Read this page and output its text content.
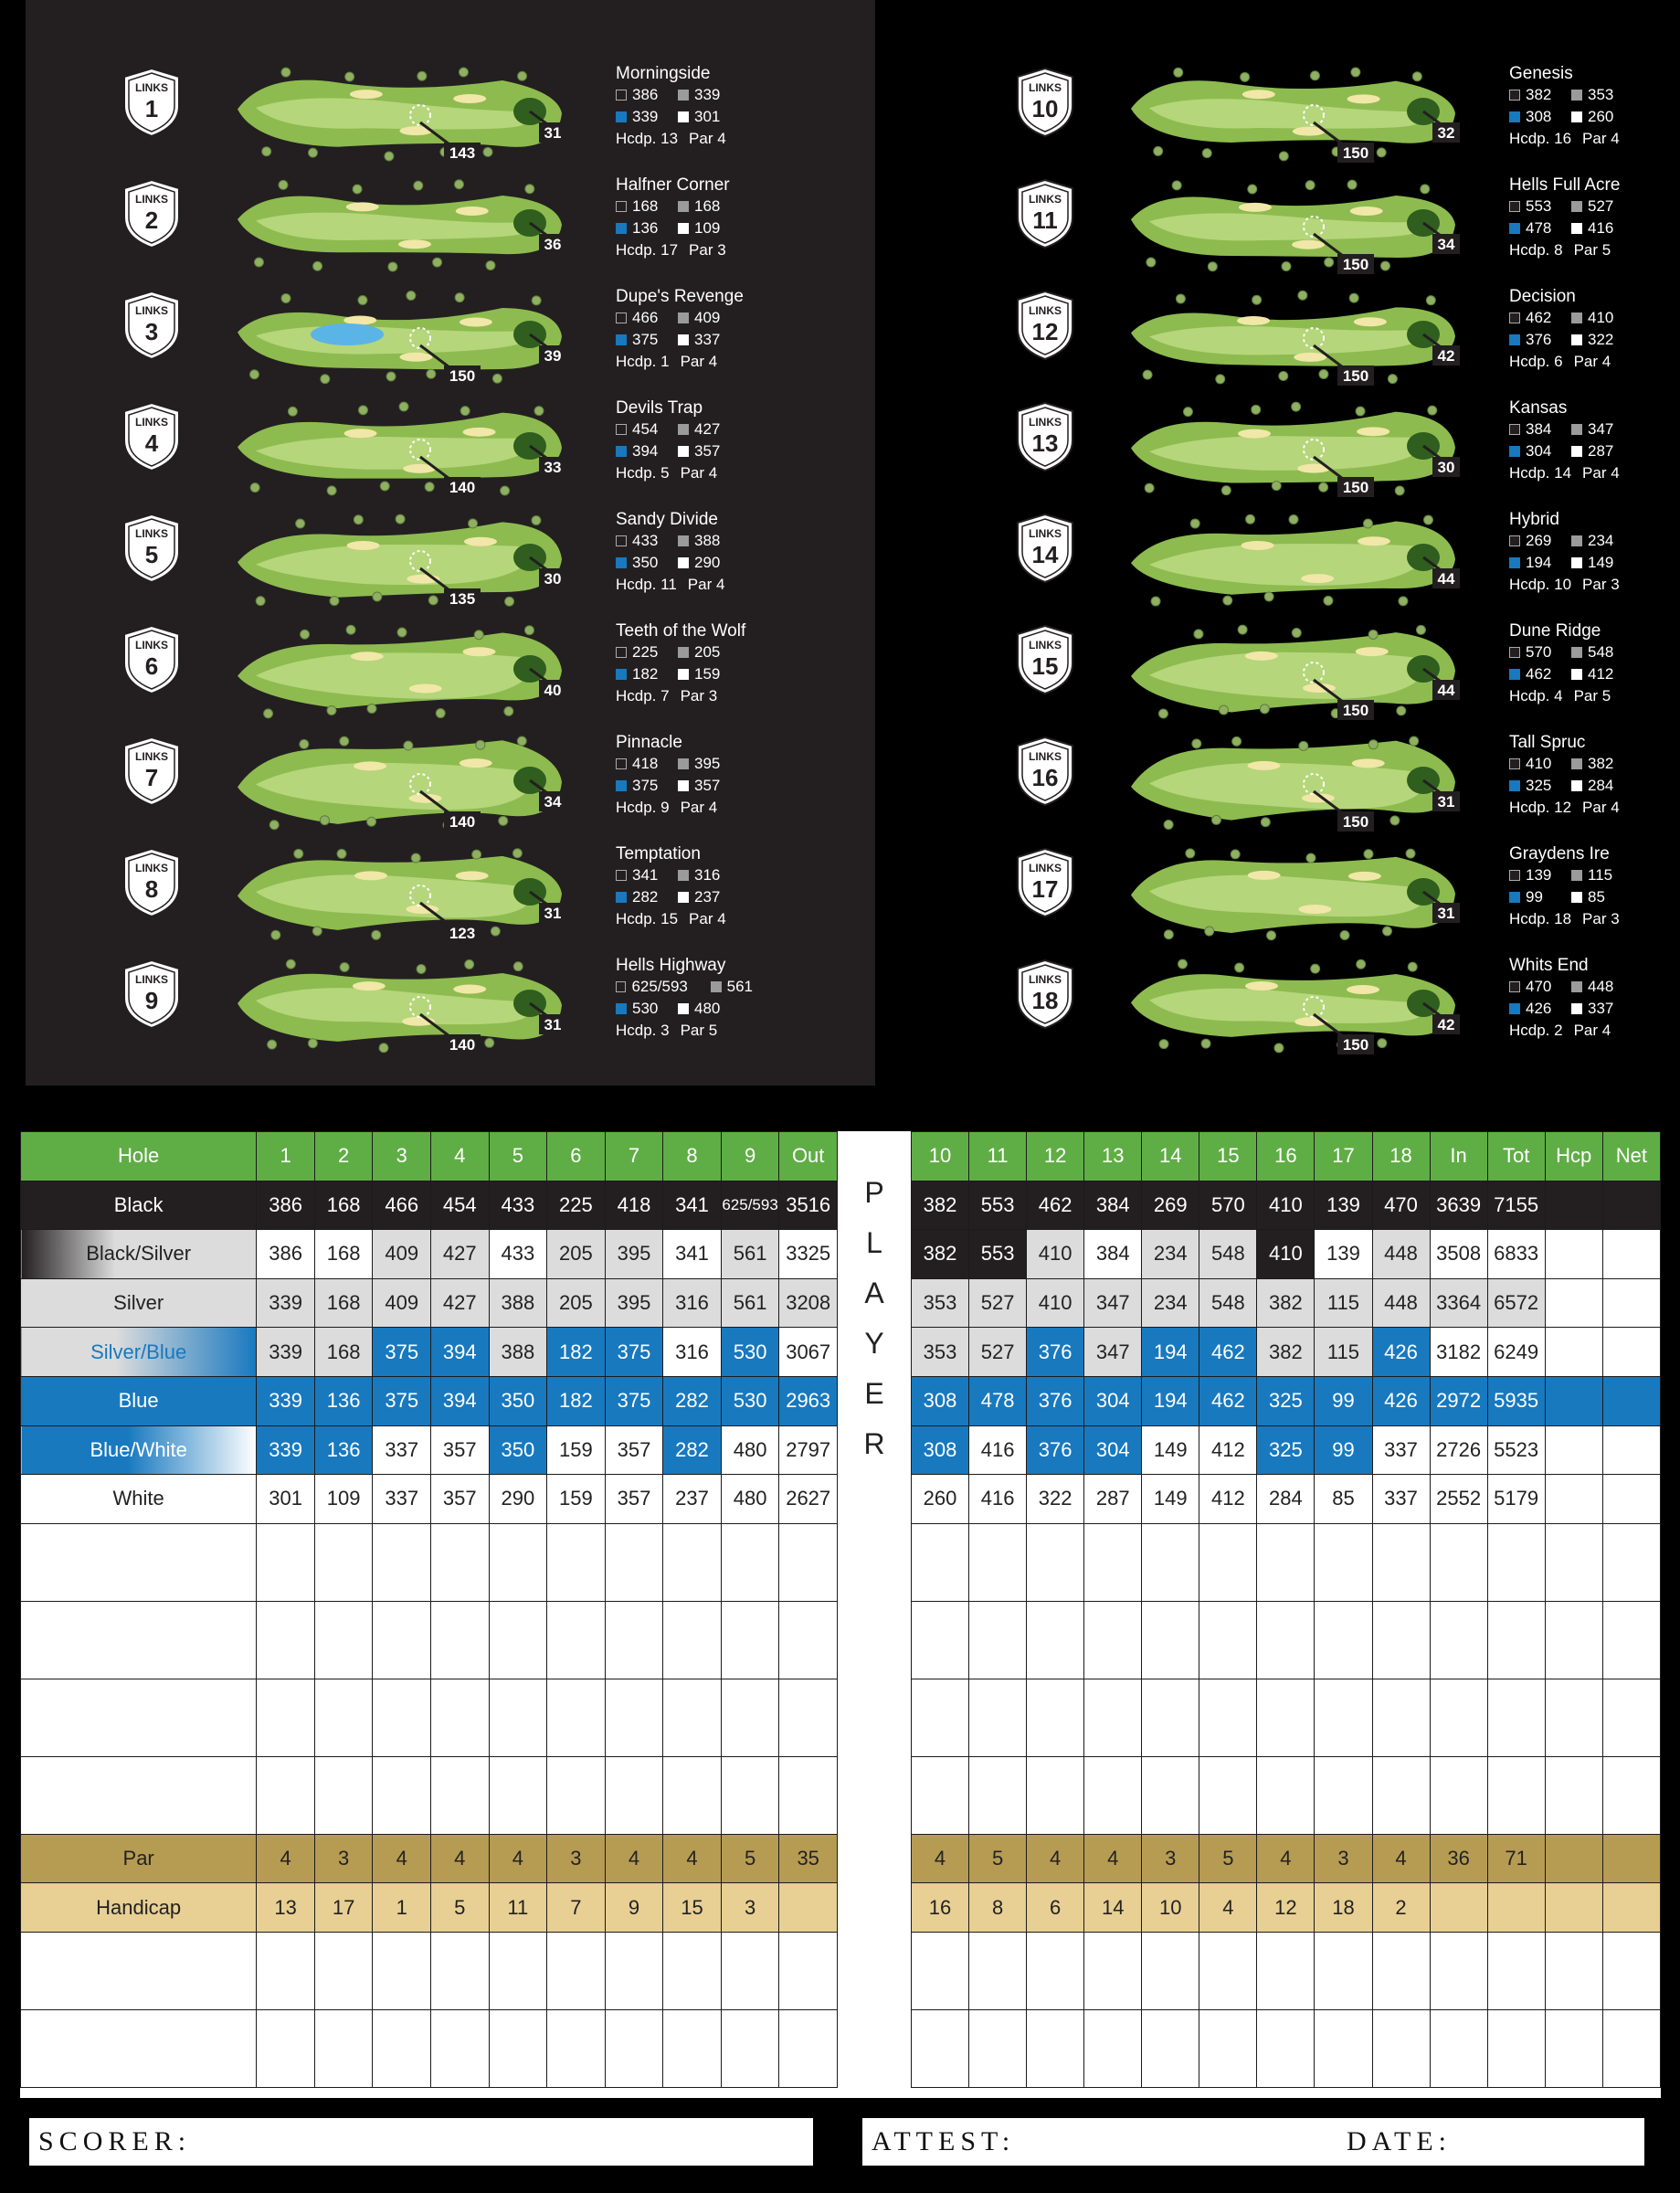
LINKS
1
143
31
Morningside
386	339
339	301
Hcdp. 13 Par 4
LINKS
2
36
Halfner Corner
168	168
136	109
Hcdp. 17 Par 3
LINKS
3
150
39
Dupe's Revenge
466	409
375	337
Hcdp. 1 Par 4
LINKS
4
140
33
Devils Trap
454	427
394	357
Hcdp. 5 Par 4
LINKS
5
135
30
Sandy Divide
433	388
350	290
Hcdp. 11 Par 4
LINKS
6
40
Teeth of the Wolf
225	205
182	159
Hcdp. 7 Par 3
LINKS
7
140
34
Pinnacle
418	395
375	357
Hcdp. 9 Par 4
LINKS
8
123
31
Temptation
341	316
282	237
Hcdp. 15 Par 4
LINKS
9
140
31
Hells Highway
625/593	561
530	480
Hcdp. 3 Par 5
LINKS
10
150
32
Genesis
382	353
308	260
Hcdp. 16 Par 4
LINKS
11
150
34
Hells Full Acre
553	527
478	416
Hcdp. 8 Par 5
LINKS
12
150
42
Decision
462	410
376	322
Hcdp. 6 Par 4
LINKS
13
150
30
Kansas
384	347
304	287
Hcdp. 14 Par 4
LINKS
14
44
Hybrid
269	234
194	149
Hcdp. 10 Par 3
LINKS
15
150
44
Dune Ridge
570	548
462	412
Hcdp. 4 Par 5
LINKS
16
150
31
Tall Spruc
410	382
325	284
Hcdp. 12 Par 4
LINKS
17
31
Graydens Ire
139	115
99	85
Hcdp. 18 Par 3
LINKS
18
150
42
Whits End
470	448
426	337
Hcdp. 2 Par 4
Hole	1	2	3	4	5	6	7	8	9	Out
Black	386	168	466	454	433	225	418	341	625/593	3516
Black/Silver	386	168	409	427	433	205	395	341	561	3325
Silver	339	168	409	427	388	205	395	316	561	3208
Silver/Blue	339	168	375	394	388	182	375	316	530	3067
Blue	339	136	375	394	350	182	375	282	530	2963
Blue/White	339	136	337	357	350	159	357	282	480	2797
White	301	109	337	357	290	159	357	237	480	2627

Par	4	3	4	4	4	3	4	4	5	35
Handicap	13	17	1	5	11	7	9	15	3	

P
L
A
Y
E
R
10	11	12	13	14	15	16	17	18	In	Tot	Hcp	Net
382	553	462	384	269	570	410	139	470	3639	7155		
382	553	410	384	234	548	410	139	448	3508	6833		
353	527	410	347	234	548	382	115	448	3364	6572		
353	527	376	347	194	462	382	115	426	3182	6249		
308	478	376	304	194	462	325	99	426	2972	5935		
308	416	376	304	149	412	325	99	337	2726	5523		
260	416	322	287	149	412	284	85	337	2552	5179		

4	5	4	4	3	5	4	3	4	36	71		
16	8	6	14	10	4	12	18	2				

SCORER:	ATTEST:	DATE:
